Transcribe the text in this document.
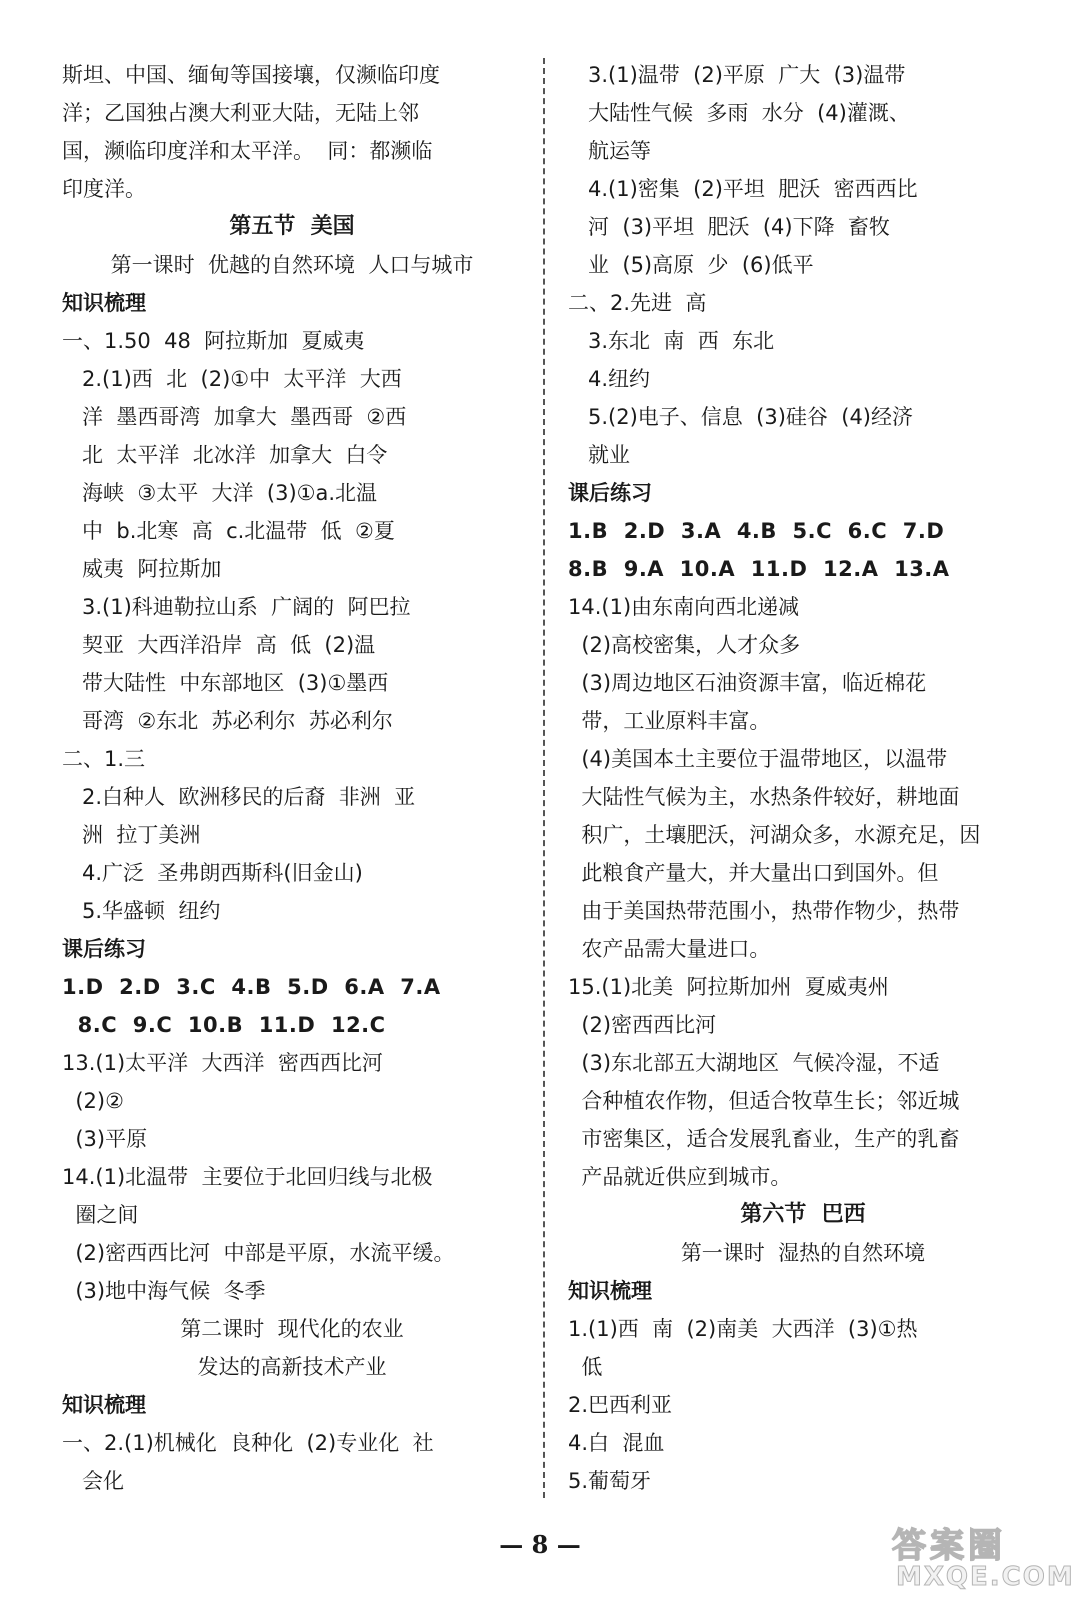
斯坦、中国、缅甸等国接壤，仅濒临印度
洋；乙国独占澳大利亚大陆，无陆上邻
国，濒临印度洋和太平洋。  同：都濒临
印度洋。
第五节  美国
第一课时  优越的自然环境  人口与城市
知识梳理
一、1.50  48  阿拉斯加  夏威夷
2.(1)西  北  (2)①中  太平洋  大西
洋  墨西哥湾  加拿大  墨西哥  ②西
北  太平洋  北冰洋  加拿大  白令
海峡  ③太平  大洋  (3)①a.北温
中  b.北寒  高  c.北温带  低  ②夏
威夷  阿拉斯加
3.(1)科迪勒拉山系  广阔的  阿巴拉
契亚  大西洋沿岸  高  低  (2)温
带大陆性  中东部地区  (3)①墨西
哥湾  ②东北  苏必利尔  苏必利尔
二、1.三
2.白种人  欧洲移民的后裔  非洲  亚
洲  拉丁美洲
4.广泛  圣弗朗西斯科(旧金山)
5.华盛顿  纽约
课后练习
1.D  2.D  3.C  4.B  5.D  6.A  7.A
8.C  9.C  10.B  11.D  12.C
13.(1)太平洋  大西洋  密西西比河
(2)②
(3)平原
14.(1)北温带  主要位于北回归线与北极
圈之间
(2)密西西比河  中部是平原，水流平缓。
(3)地中海气候  冬季
第二课时  现代化的农业
发达的高新技术产业
知识梳理
一、2.(1)机械化  良种化  (2)专业化  社
会化
3.(1)温带  (2)平原  广大  (3)温带
大陆性气候  多雨  水分  (4)灌溉、
航运等
4.(1)密集  (2)平坦  肥沃  密西西比
河  (3)平坦  肥沃  (4)下降  畜牧
业  (5)高原  少  (6)低平
二、2.先进  高
3.东北  南  西  东北
4.纽约
5.(2)电子、信息  (3)硅谷  (4)经济
就业
课后练习
1.B  2.D  3.A  4.B  5.C  6.C  7.D
8.B  9.A  10.A  11.D  12.A  13.A
14.(1)由东南向西北递减
(2)高校密集，人才众多
(3)周边地区石油资源丰富，临近棉花
带，工业原料丰富。
(4)美国本土主要位于温带地区，以温带
大陆性气候为主，水热条件较好，耕地面
积广，土壤肥沃，河湖众多，水源充足，因
此粮食产量大，并大量出口到国外。但
由于美国热带范围小，热带作物少，热带
农产品需大量进口。
15.(1)北美  阿拉斯加州  夏威夷州
(2)密西西比河
(3)东北部五大湖地区  气候冷湿，不适
合种植农作物，但适合牧草生长；邻近城
市密集区，适合发展乳畜业，生产的乳畜
产品就近供应到城市。
第六节  巴西
第一课时  湿热的自然环境
知识梳理
1.(1)西  南  (2)南美  大西洋  (3)①热
低
2.巴西利亚
4.白  混血
5.葡萄牙
— 8 —	答案圈
MXQE.COM
